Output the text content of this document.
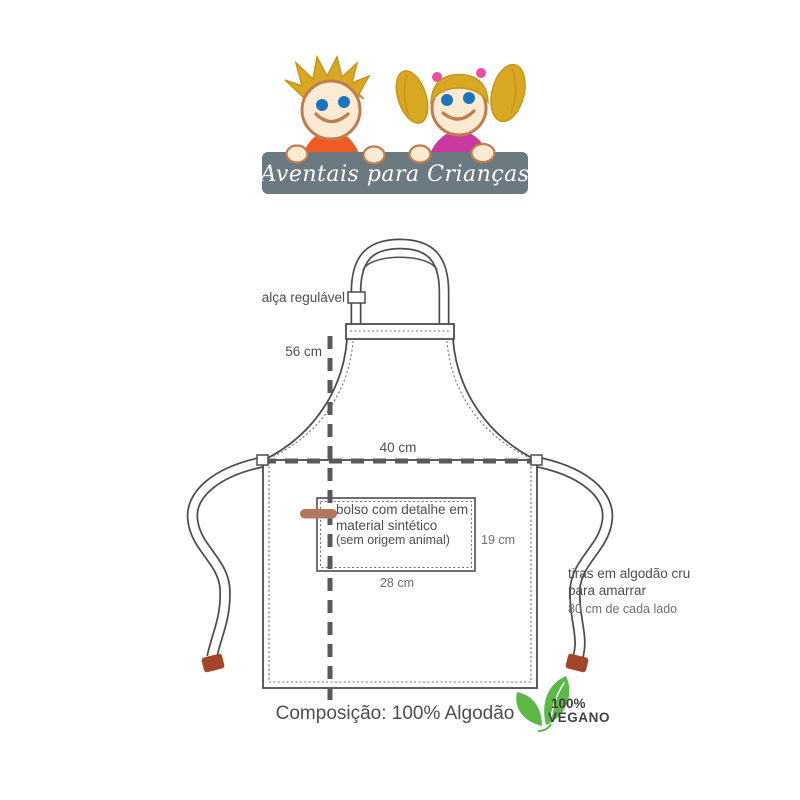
Aventais para Crianças
alça regulável
56 cm
40 cm
bolso com detalhe em
material sintético
(sem origem animal)	19 cm
28 cm
tiras em algodão cru
para amarrar
80 cm de cada lado
Composição: 100% Algodão	100%
VEGANO
